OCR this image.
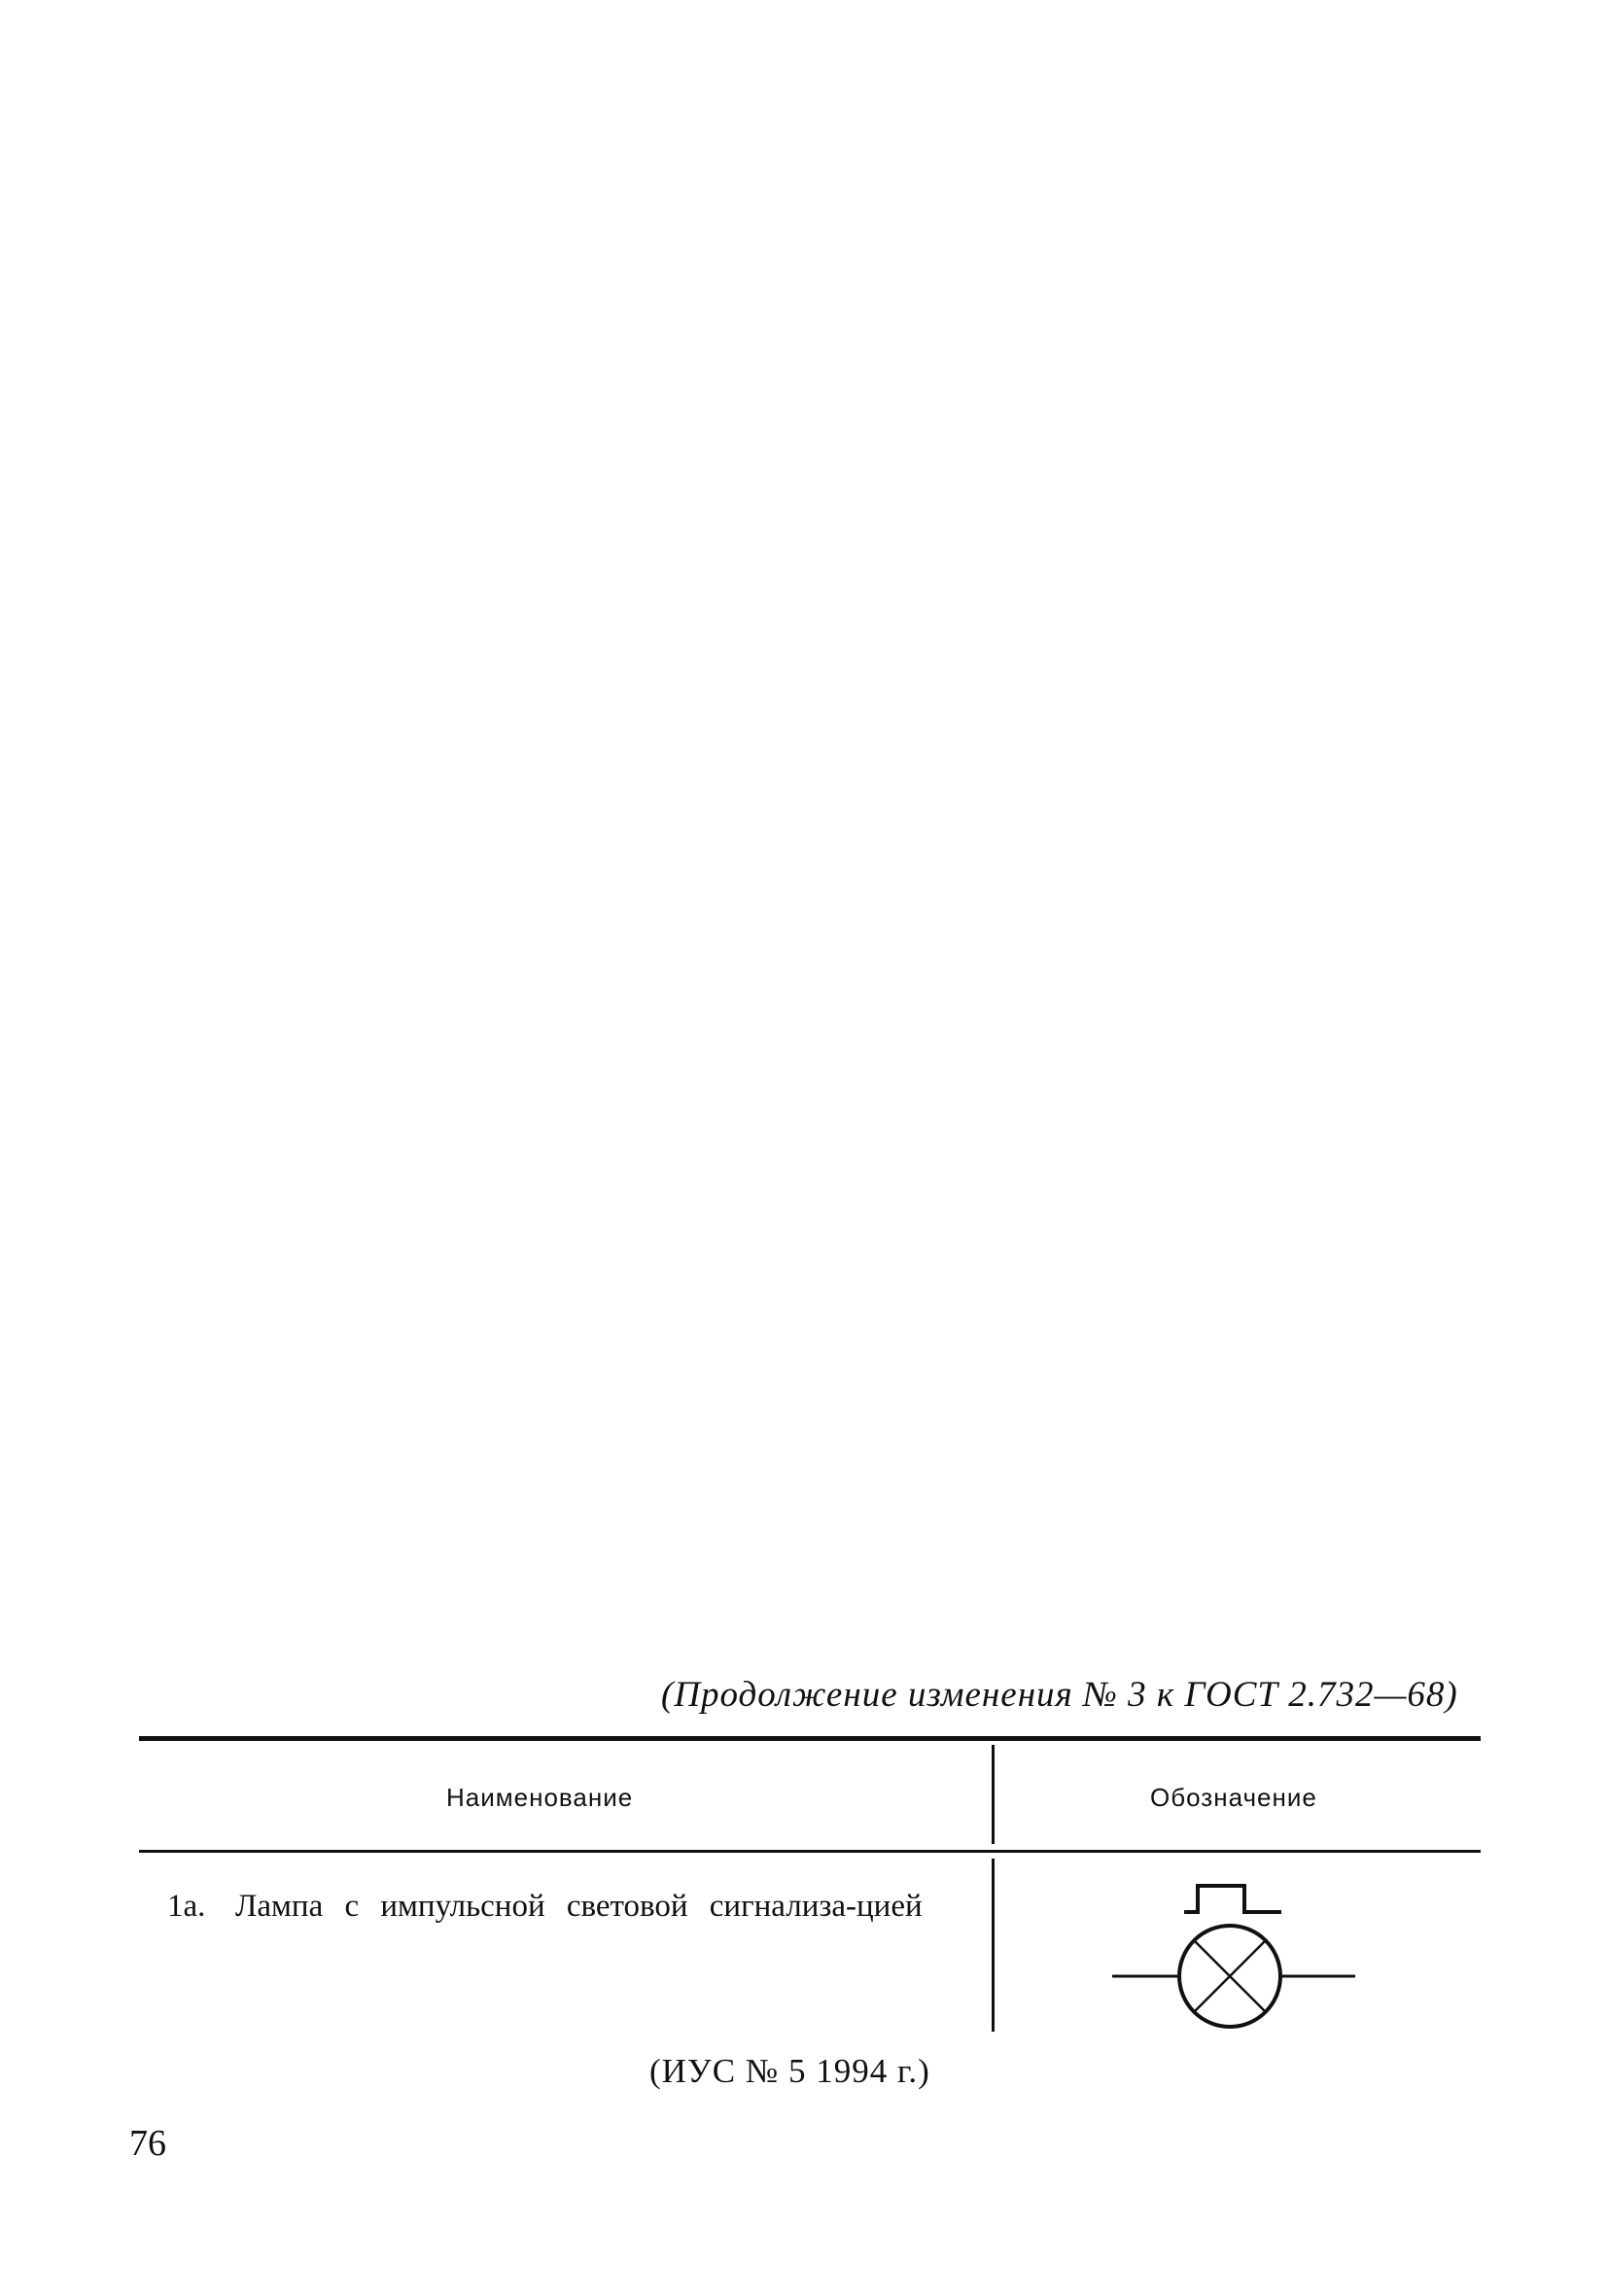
(Продолжение изменения № 3 к ГОСТ 2.732—68)
Наименование	Обозначение
1а. Лампа с импульсной световой сигнализа-цией
(ИУС № 5 1994 г.)
76
